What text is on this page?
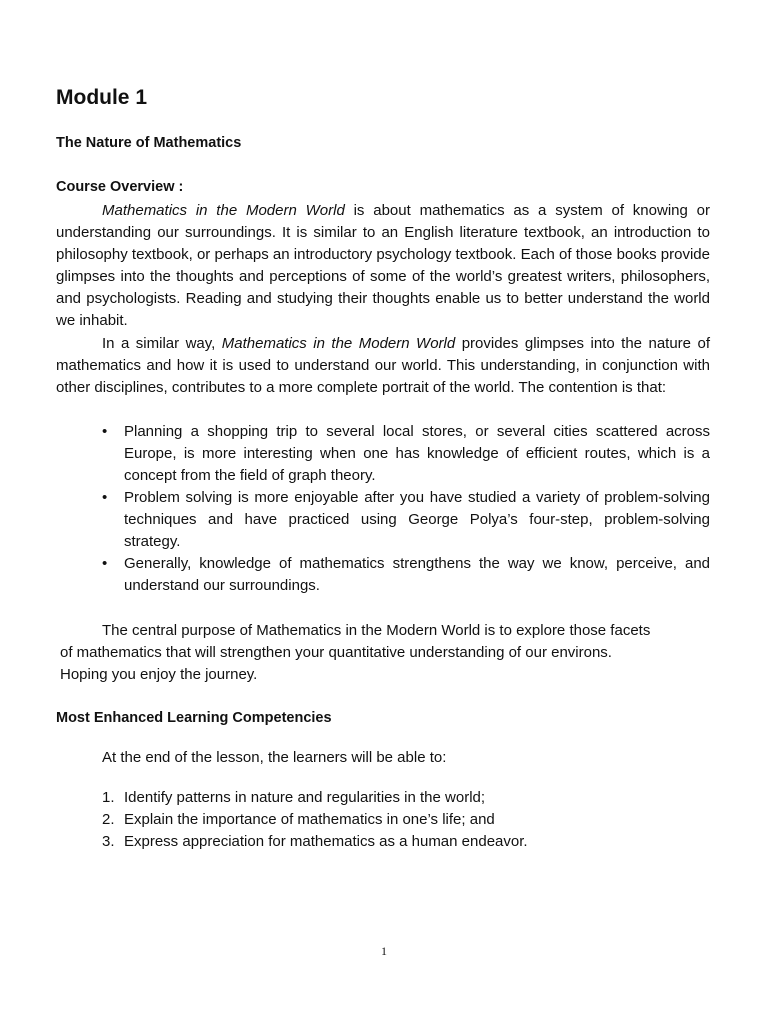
Module 1
The Nature of Mathematics
Course Overview :

Mathematics in the Modern World is about mathematics as a system of knowing or understanding our surroundings. It is similar to an English literature textbook, an introduction to philosophy textbook, or perhaps an introductory psychology textbook. Each of those books provide glimpses into the thoughts and perceptions of some of the world’s greatest writers, philosophers, and psychologists. Reading and studying their thoughts enable us to better understand the world we inhabit.

In a similar way, Mathematics in the Modern World provides glimpses into the nature of mathematics and how it is used to understand our world. This understanding, in conjunction with other disciplines, contributes to a more complete portrait of the world. The contention is that:

• Planning a shopping trip to several local stores, or several cities scattered across Europe, is more interesting when one has knowledge of efficient routes, which is a concept from the field of graph theory.
• Problem solving is more enjoyable after you have studied a variety of problem-solving techniques and have practiced using George Polya’s four-step, problem-solving strategy.
• Generally, knowledge of mathematics strengthens the way we know, perceive, and understand our surroundings.

The central purpose of Mathematics in the Modern World is to explore those facets of mathematics that will strengthen your quantitative understanding of our environs. Hoping you enjoy the journey.

Most Enhanced Learning Competencies

At the end of the lesson, the learners will be able to:

1. Identify patterns in nature and regularities in the world;
2. Explain the importance of mathematics in one’s life; and
3. Express appreciation for mathematics as a human endeavor.
1
